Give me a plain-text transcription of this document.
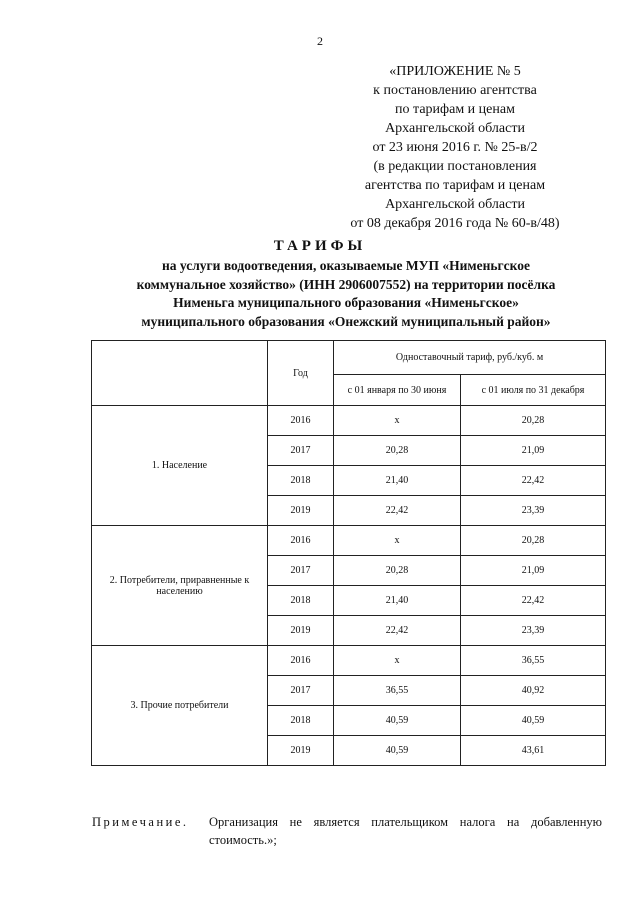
2
«ПРИЛОЖЕНИЕ № 5
к постановлению агентства
по тарифам и ценам
Архангельской области
от 23 июня 2016 г. № 25-в/2
(в редакции постановления
агентства по тарифам и ценам
Архангельской области
от 08 декабря 2016 года № 60-в/48)
ТАРИФЫ
на услуги водоотведения, оказываемые МУП «Нименьгское
коммунальное хозяйство» (ИНН 2906007552) на территории посёлка
Нименьга муниципального образования «Нименьгское»
муниципального образования «Онежский муниципальный район»
	Год	Одноставочный тариф, руб./куб. м	
		с 01 января по 30 июня	с 01 июля по 31 декабря
1. Население	2016	х	20,28
	2017	20,28	21,09
	2018	21,40	22,42
	2019	22,42	23,39
2. Потребители, приравненные к населению	2016	х	20,28
	2017	20,28	21,09
	2018	21,40	22,42
	2019	22,42	23,39
3. Прочие потребители	2016	х	36,55
	2017	36,55	40,92
	2018	40,59	40,59
	2019	40,59	43,61
Примечание. Организация не является плательщиком налога на добавленную
стоимость.»;
